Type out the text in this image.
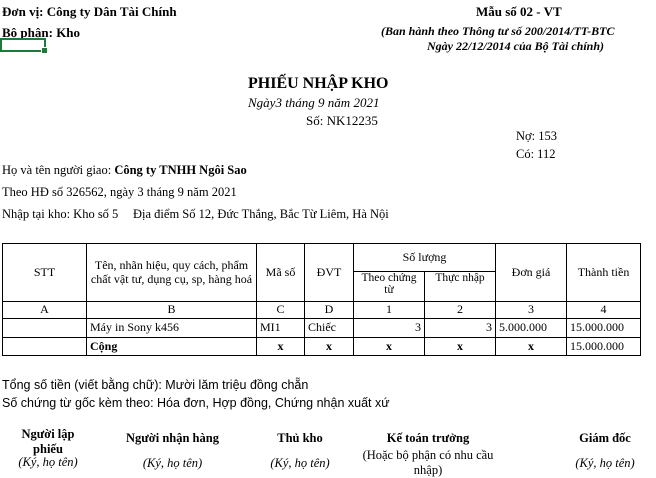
Đơn vị: Công ty Dân Tài Chính
Bộ phận: Kho
Mẫu số 02 - VT
(Ban hành theo Thông tư số 200/2014/TT-BTC
Ngày 22/12/2014 của Bộ Tài chính)
PHIẾU NHẬP KHO
Ngày3 tháng 9 năm 2021
Số: NK12235
Nợ: 153
Có: 112
Họ và tên người giao: Công ty TNHH Ngôi Sao
Theo HĐ số 326562, ngày 3 tháng 9 năm 2021
Nhập tại kho: Kho số 5 Địa điểm Số 12, Đức Thắng, Bắc Từ Liêm, Hà Nội
STT	Tên, nhãn hiệu, quy cách, phẩm chất vật tư, dụng cụ, sp, hàng hoá	Mã số	ĐVT	Số lượng		Đơn giá	Thành tiền

				Theo chứng từ	Thực nhập		
A	B	C	D	1	2	3	4
	Máy in Sony k456	MI1	Chiếc	3	3	5.000.000	15.000.000
	Cộng	x	x	x	x	x	15.000.000
Tổng số tiền (viết bằng chữ): Mười lăm triệu đồng chẵn
Số chứng từ gốc kèm theo: Hóa đơn, Hợp đồng, Chứng nhận xuất xứ
Người lập phiếu
(Ký, họ tên)
Người nhận hàng
(Ký, họ tên)
Thủ kho
(Ký, họ tên)
Kế toán trưởng
(Hoặc bộ phận có nhu cầu nhập)
Giám đốc
(Ký, họ tên)
